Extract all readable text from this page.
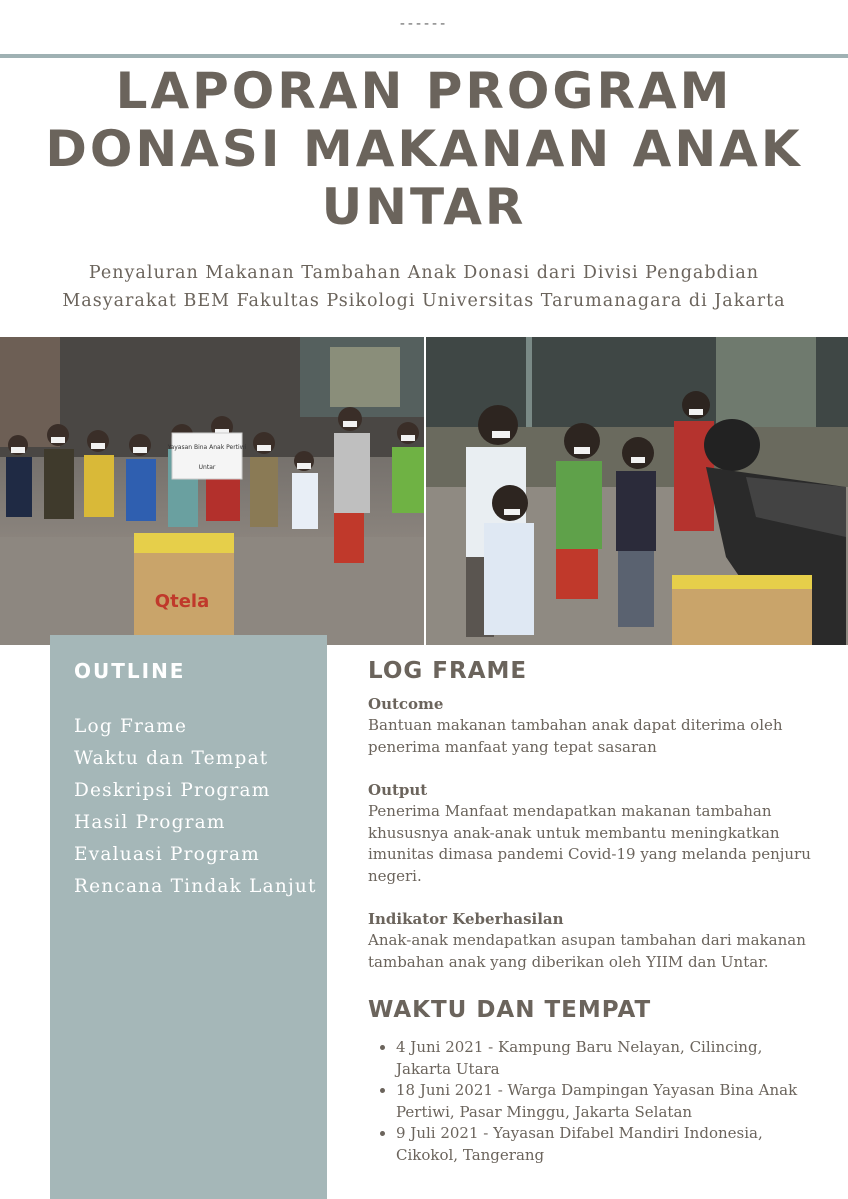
------
LAPORAN PROGRAM DONASI MAKANAN ANAK UNTAR

Penyaluran Makanan Tambahan Anak Donasi dari Divisi Pengabdian Masyarakat BEM Fakultas Psikologi Universitas Tarumanagara di Jakarta

Yayasan Bina Anak Pertiwi
Untar
Qtela
OUTLINE
Log Frame
Waktu dan Tempat
Deskripsi Program
Hasil Program
Evaluasi Program
Rencana Tindak Lanjut
LOG FRAME
Outcome

Bantuan makanan tambahan anak dapat diterima oleh penerima manfaat yang tepat sasaran

Output

Penerima Manfaat mendapatkan makanan tambahan khususnya anak-anak untuk membantu meningkatkan imunitas dimasa pandemi Covid-19 yang melanda penjuru negeri.

Indikator Keberhasilan

Anak-anak mendapatkan asupan tambahan dari makanan tambahan anak yang diberikan oleh YIIM dan Untar.

WAKTU DAN TEMPAT
• 4 Juni 2021 - Kampung Baru Nelayan, Cilincing, Jakarta Utara
• 18 Juni 2021 - Warga Dampingan Yayasan Bina Anak Pertiwi, Pasar Minggu, Jakarta Selatan
• 9 Juli 2021 - Yayasan Difabel Mandiri Indonesia, Cikokol, Tangerang
